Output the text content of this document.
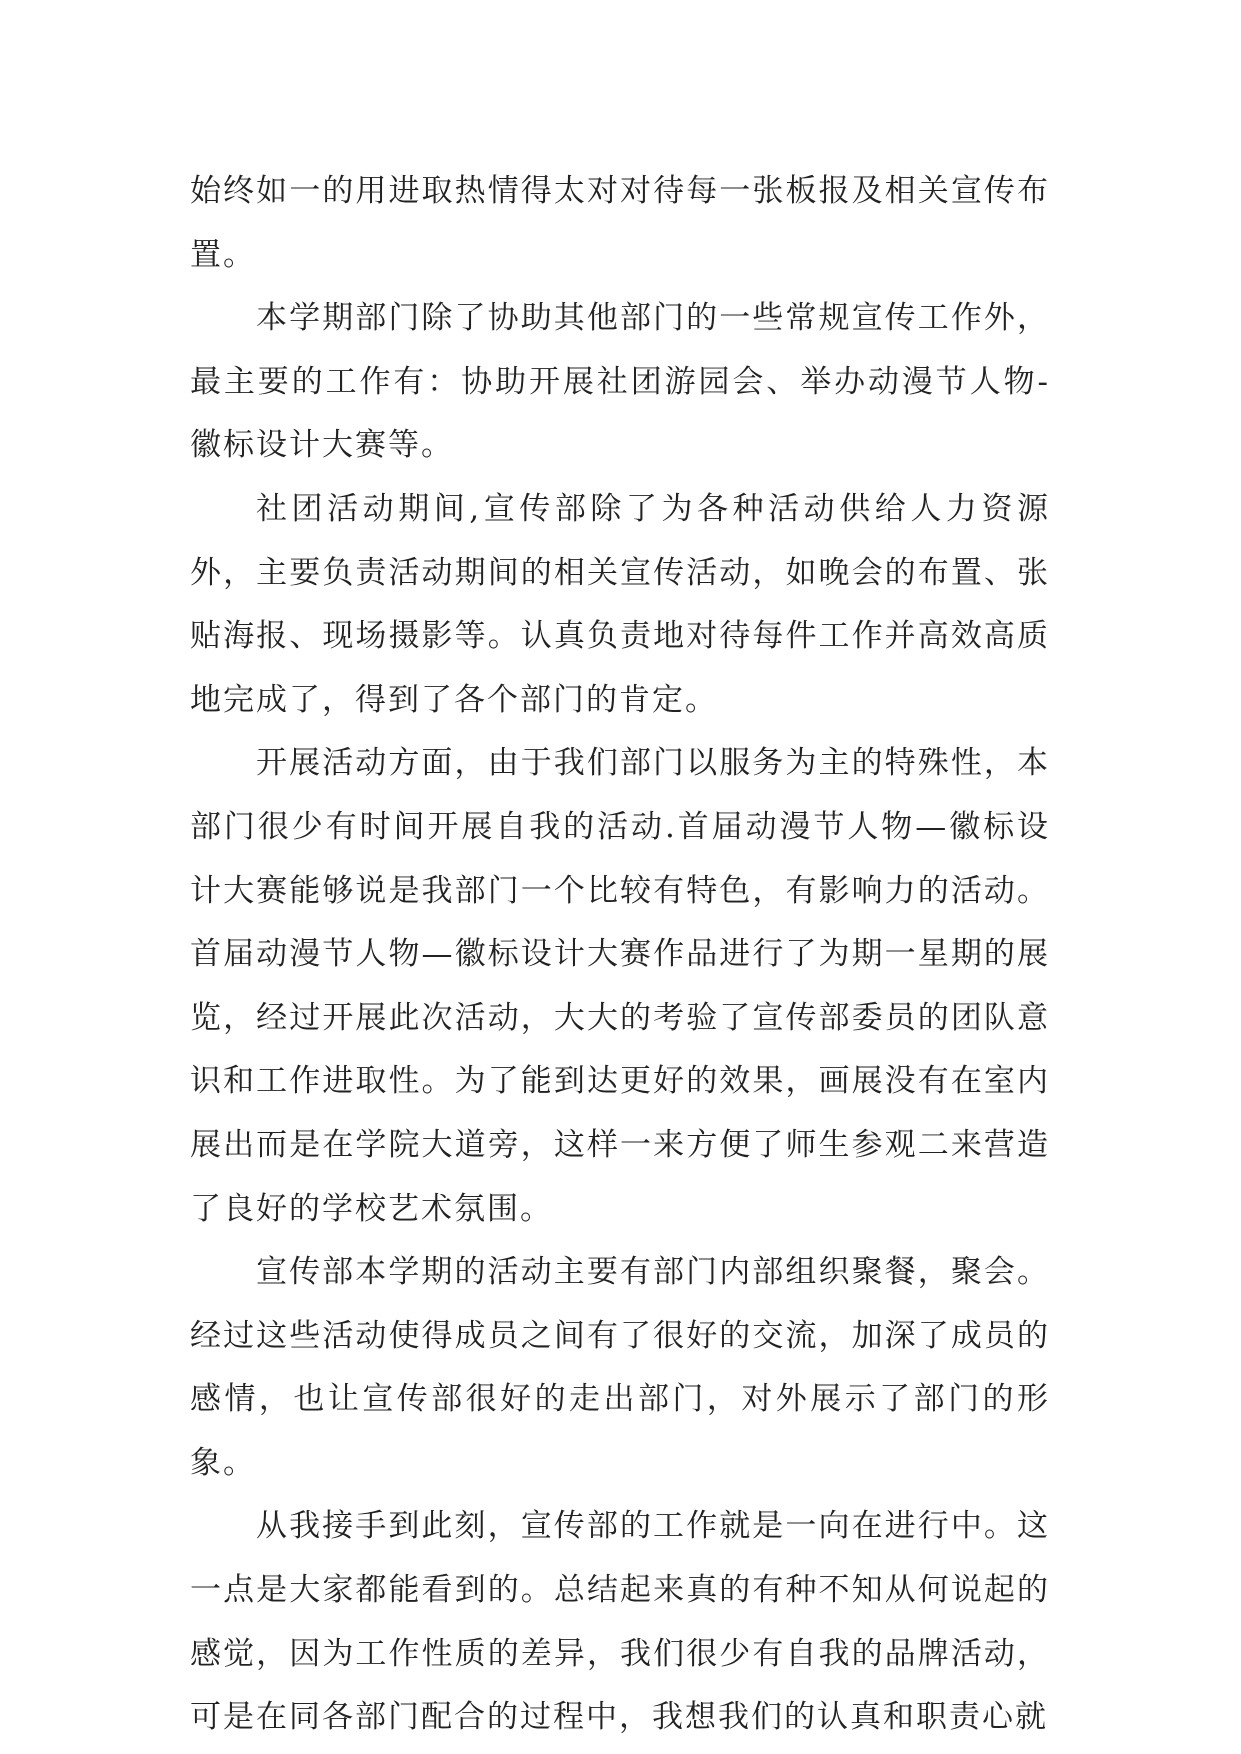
始终如一的用进取热情得太对对待每一张板报及相关宣传布置。

本学期部门除了协助其他部门的一些常规宣传工作外，最主要的工作有：协助开展社团游园会、举办动漫节人物-徽标设计大赛等。

社团活动期间,宣传部除了为各种活动供给人力资源外，主要负责活动期间的相关宣传活动，如晚会的布置、张贴海报、现场摄影等。认真负责地对待每件工作并高效高质地完成了，得到了各个部门的肯定。

开展活动方面，由于我们部门以服务为主的特殊性，本部门很少有时间开展自我的活动.首届动漫节人物—徽标设计大赛能够说是我部门一个比较有特色，有影响力的活动。首届动漫节人物—徽标设计大赛作品进行了为期一星期的展览，经过开展此次活动，大大的考验了宣传部委员的团队意识和工作进取性。为了能到达更好的效果，画展没有在室内展出而是在学院大道旁，这样一来方便了师生参观二来营造了良好的学校艺术氛围。

宣传部本学期的活动主要有部门内部组织聚餐，聚会。经过这些活动使得成员之间有了很好的交流，加深了成员的感情，也让宣传部很好的走出部门，对外展示了部门的形象。

从我接手到此刻，宣传部的工作就是一向在进行中。这一点是大家都能看到的。总结起来真的有种不知从何说起的感觉，因为工作性质的差异，我们很少有自我的品牌活动，可是在同各部门配合的过程中，我想我们的认真和职责心就
